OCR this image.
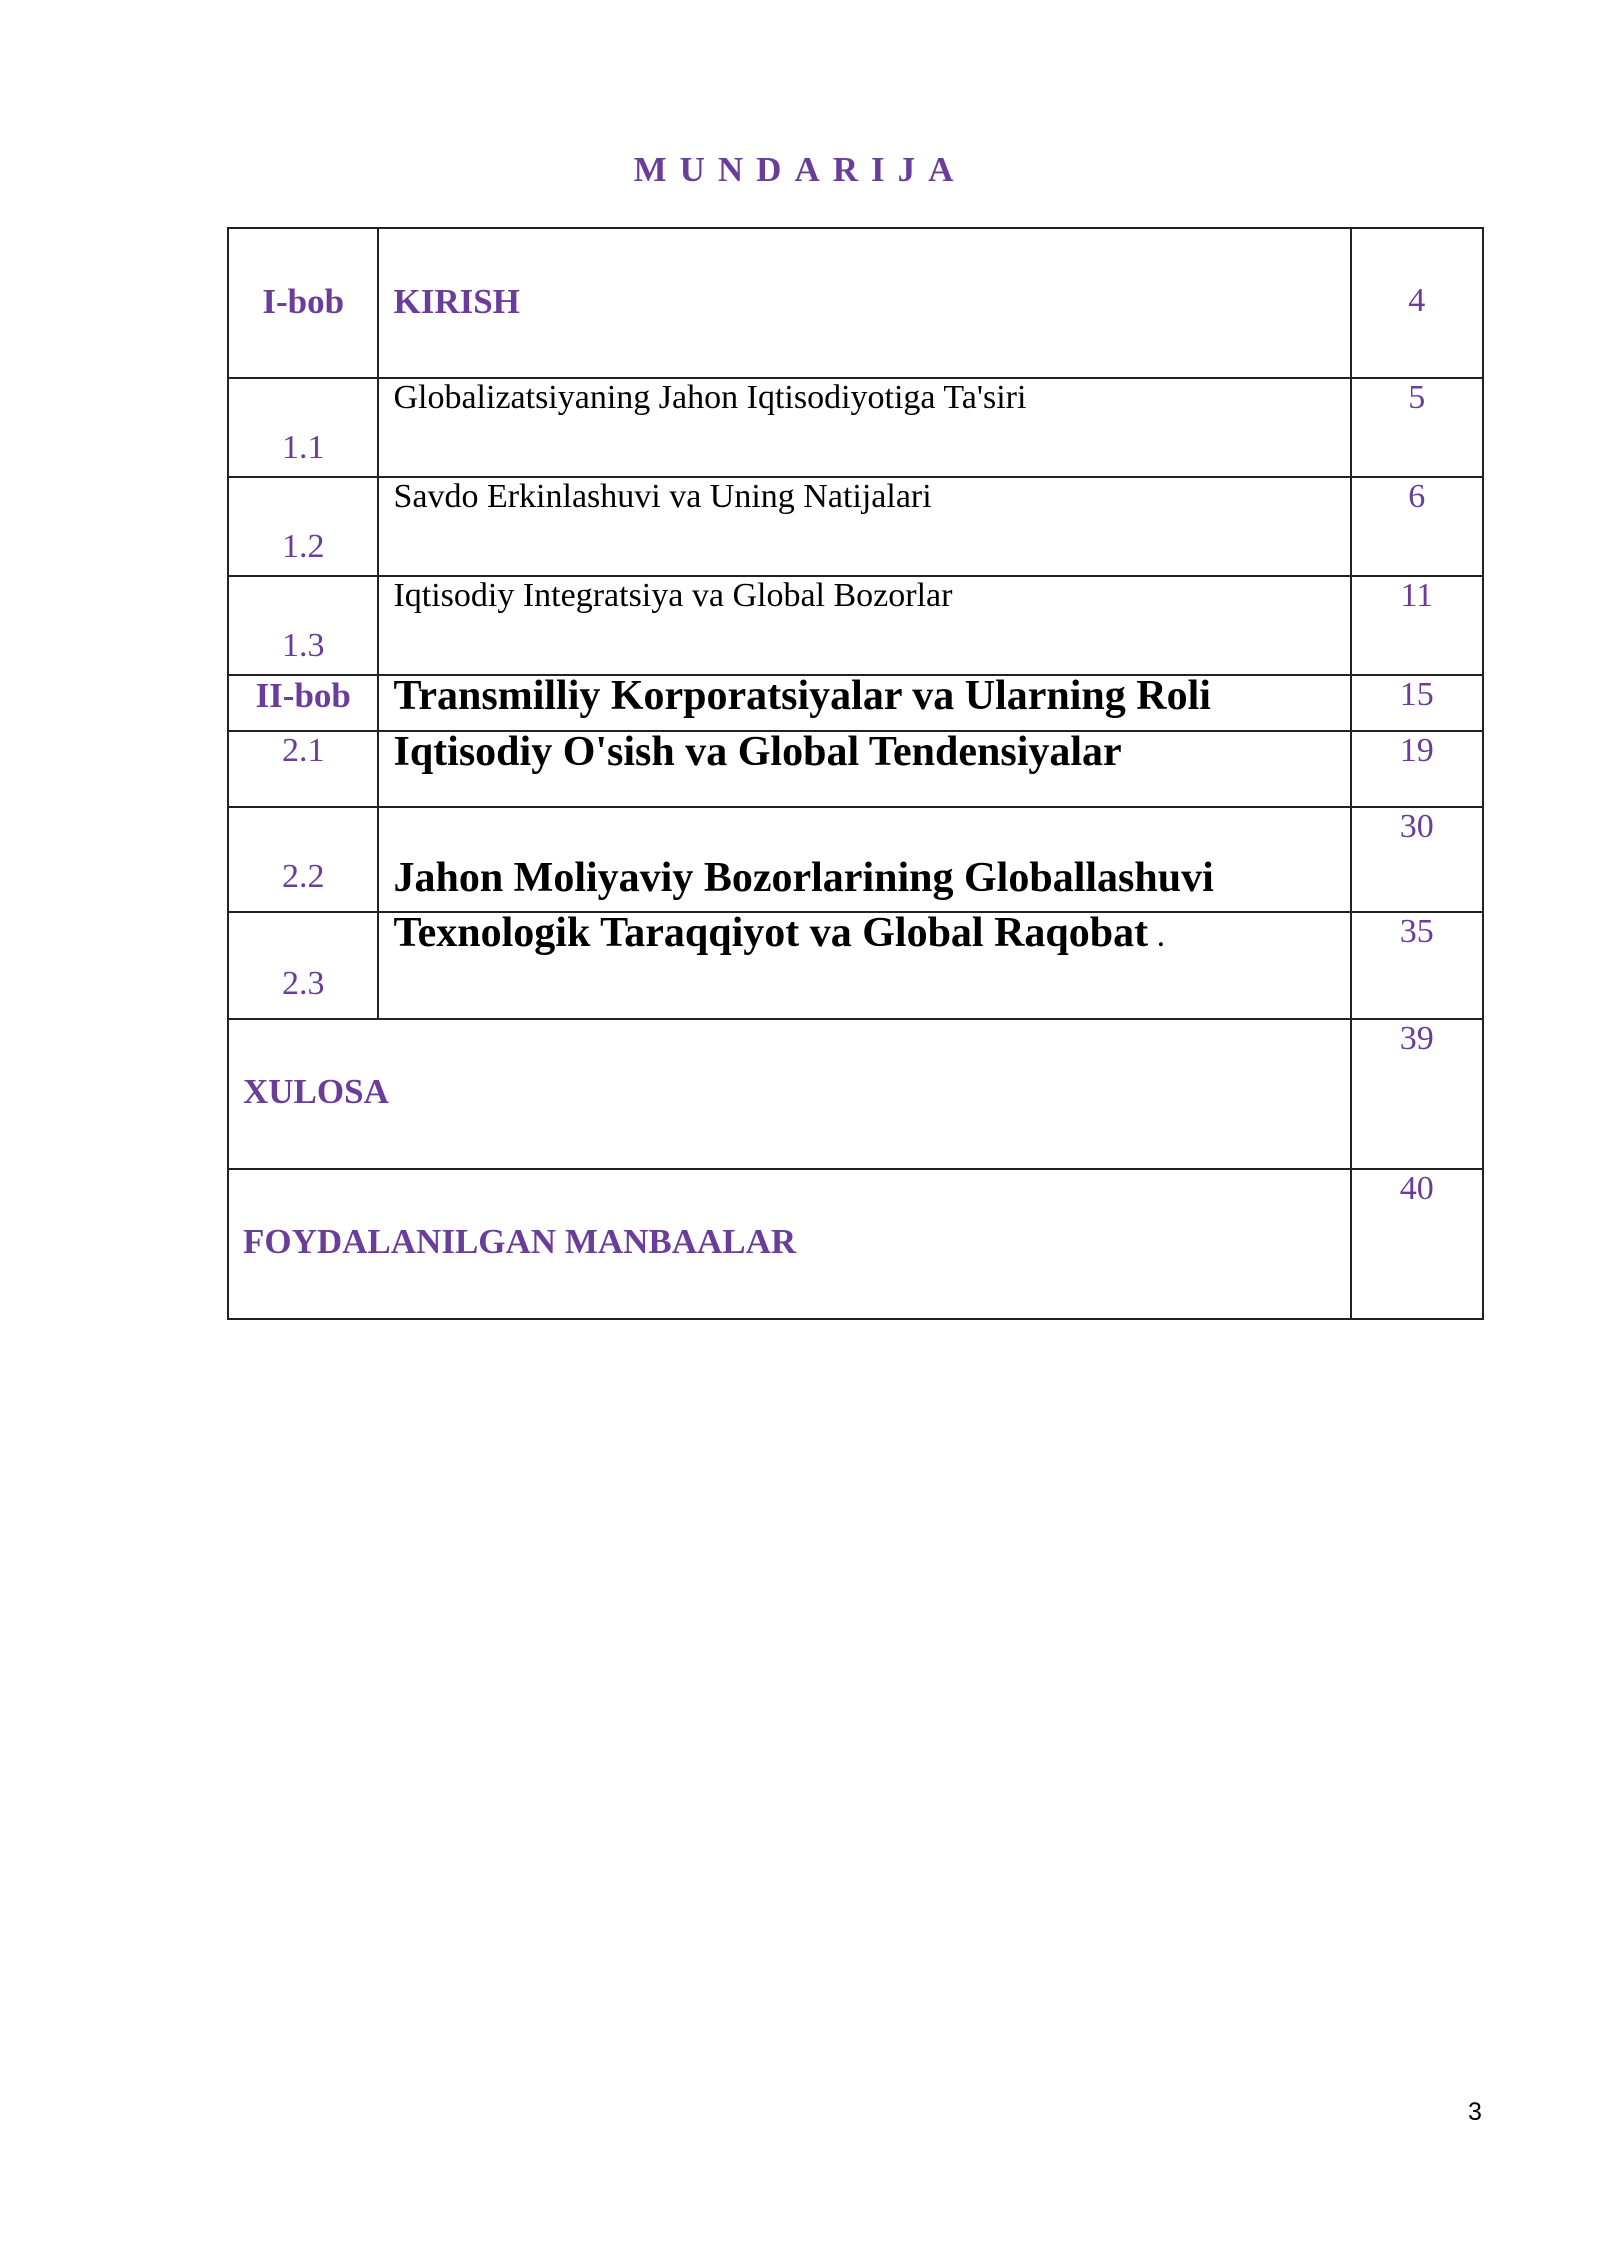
MUNDARIJA
I-bob	KIRISH	4

1.1	Globalizatsiyaning Jahon Iqtisodiyotiga Ta'siri	5

1.2	Savdo Erkinlashuvi va Uning Natijalari	6

1.3	Iqtisodiy Integratsiya va Global Bozorlar	11

II-bob	Transmilliy Korporatsiyalar va Ularning Roli	15

2.1	Iqtisodiy O'sish va Global Tendensiyalar	19

2.2	Jahon Moliyaviy Bozorlarining Globallashuvi	30

2.3	Texnologik Taraqqiyot va Global Raqobat .	35

XULOSA		39

FOYDALANILGAN MANBAALAR		40
3
